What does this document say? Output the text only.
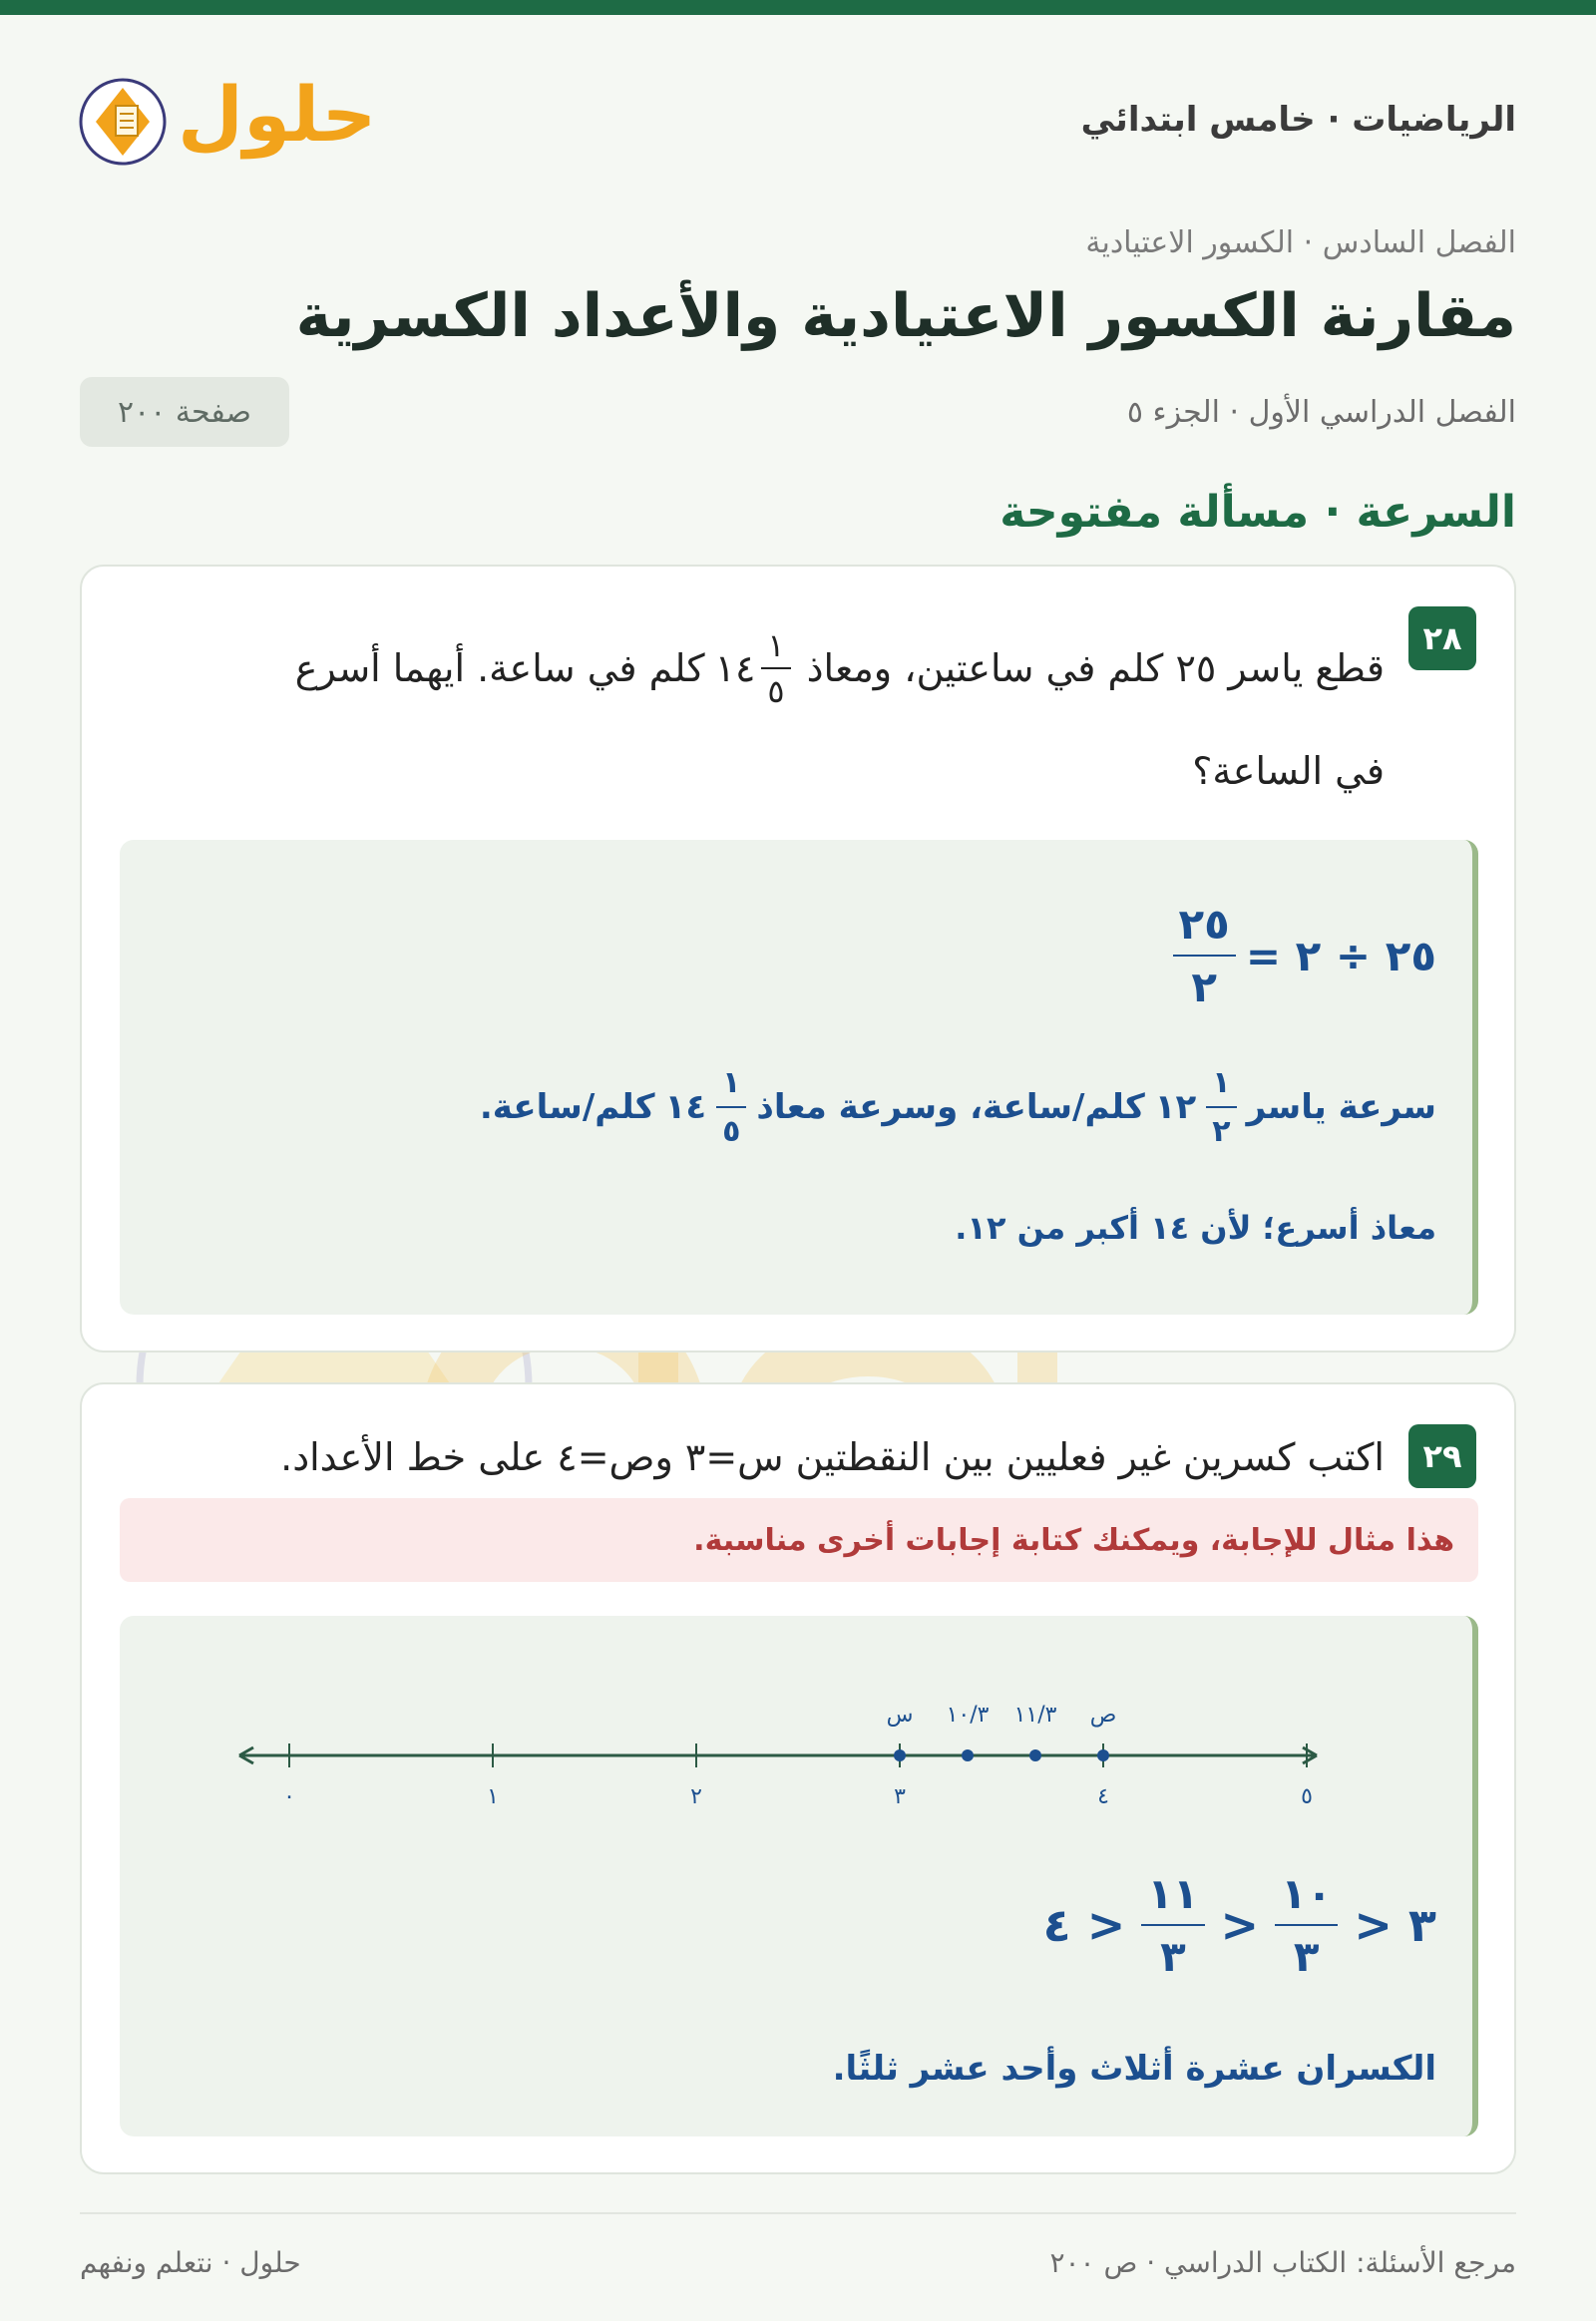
حلول	الرياضيات · خامس ابتدائي
الفصل السادس · الكسور الاعتيادية
مقارنة الكسور الاعتيادية والأعداد الكسرية
الفصل الدراسي الأول · الجزء ٥
صفحة ٢٠٠
السرعة · مسألة مفتوحة
٢٨
قطع ياسر ٢٥ كلم في ساعتين، ومعاذ
$\frac{١}{٥}$
١٤
كلم في ساعة. أيهما أسرع
في الساعة؟
٢٥ ÷ ٢ =
$\frac{٢٥}{٢}$
سرعة ياسر
$\frac{١}{٢}$
١٢
كلم/ساعة، وسرعة معاذ
$\frac{١}{٥}$
١٤
كلم/ساعة.
معاذ أسرع؛ لأن ١٤ أكبر من ١٢.
٢٩
اكتب كسرين غير فعليين بين النقطتين س=٣ وص=٤ على خط الأعداد.
هذا مثال للإجابة، ويمكنك كتابة إجابات أخرى مناسبة.
٠	١	٢	٣	٤	٥
س ١٠/٣ ١١/٣ ص
٣ <
$\frac{١٠}{٣}$
<
$\frac{١١}{٣}$
< ٤
الكسران عشرة أثلاث وأحد عشر ثلثًا.
مرجع الأسئلة: الكتاب الدراسي · ص ٢٠٠
حلول · نتعلم ونفهم
